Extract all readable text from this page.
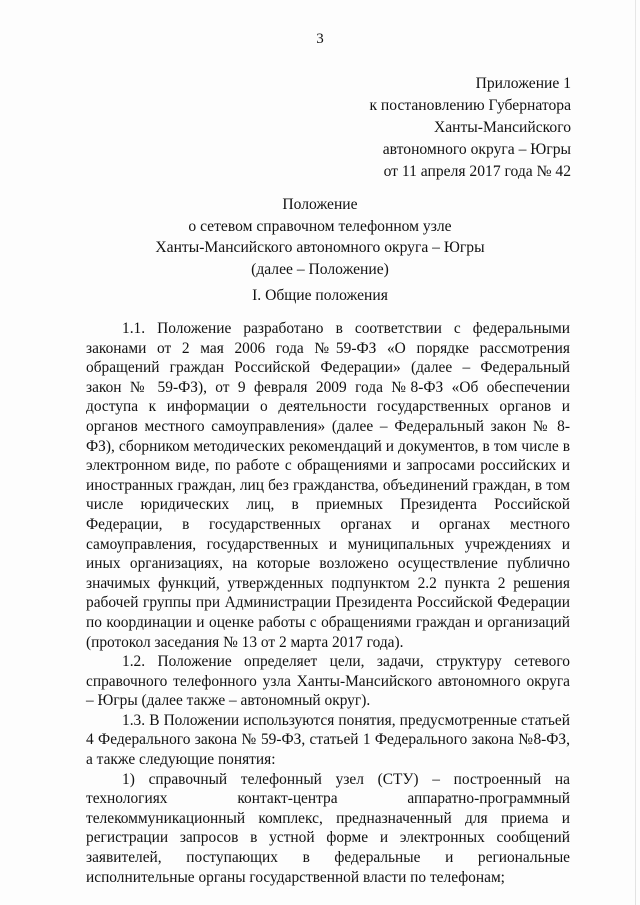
3
Приложение 1
к постановлению Губернатора
Ханты-Мансийского
автономного округа – Югры
от 11 апреля 2017 года № 42
Положение
о сетевом справочном телефонном узле
Ханты-Мансийского автономного округа – Югры
(далее – Положение)
I. Общие положения

1.1. Положение разработано в соответствии с федеральными законами от 2 мая 2006 года №59-ФЗ «О порядке рассмотрения обращений граждан Российской Федерации» (далее – Федеральный закон № 59-ФЗ), от 9 февраля 2009 года №8-ФЗ «Об обеспечении доступа к информации о деятельности государственных органов и органов местного самоуправления» (далее – Федеральный закон № 8-ФЗ), сборником методических рекомендаций и документов, в том числе в электронном виде, по работе с обращениями и запросами российских и иностранных граждан, лиц без гражданства, объединений граждан, в том числе юридических лиц, в приемных Президента Российской Федерации, в государственных органах и органах местного самоуправления, государственных и муниципальных учреждениях и иных организациях, на которые возложено осуществление публично значимых функций, утвержденных подпунктом 2.2 пункта 2 решения рабочей группы при Администрации Президента Российской Федерации по координации и оценке работы с обращениями граждан и организаций (протокол заседания № 13 от 2 марта 2017 года).

1.2. Положение определяет цели, задачи, структуру сетевого справочного телефонного узла Ханты-Мансийского автономного округа – Югры (далее также – автономный округ).

1.3. В Положении используются понятия, предусмотренные статьей 4 Федерального закона № 59-ФЗ, статьей 1 Федерального закона №8-ФЗ, а также следующие понятия:

1) справочный телефонный узел (СТУ) – построенный на технологиях контакт-центра аппаратно-программный телекоммуникационный комплекс, предназначенный для приема и регистрации запросов в устной форме и электронных сообщений заявителей, поступающих в федеральные и региональные исполнительные органы государственной власти по телефонам;
